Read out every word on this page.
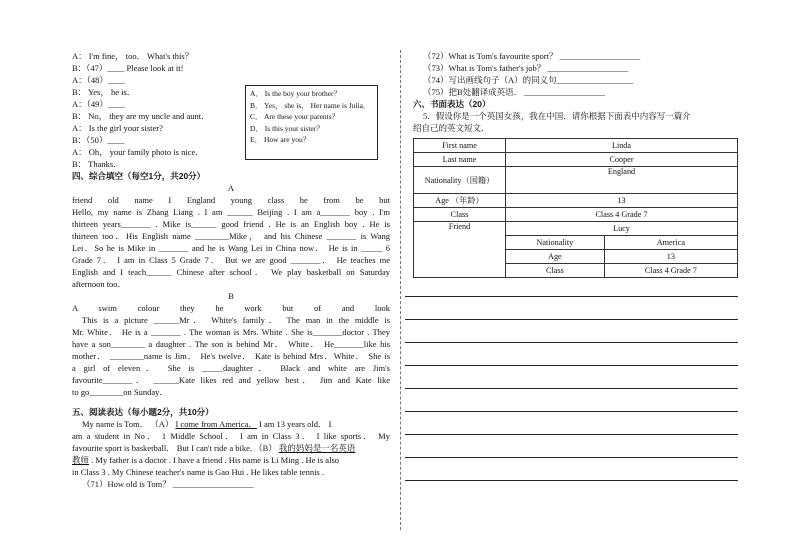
A： I'm fine， too． What's this？
B：（47）____ Please look at it!
A：（48）____
B： Yes， he is．
A：（49）____
B： No， they are my uncle and aunt．
A： Is the girl your sister?
B：（50）____
A： Oh， your family photo is nice．
B： Thanks．
四、综合填空（每空1分，共20分）
A
friend old name I England young class he from be but
Hello, my name is Zhang Liang . I am ______ Beijing . I am a_______ boy . I'm
thirteen years_______ . Mike is______ good friend . He is an English boy . He is
thirteen too．His English name ________Mike， and his Chinese _______ is Wang
Lei．So he is Mike in _______ and he is Wang Lei in China now． He is in _____ 6
Grade 7． I am in Class 5 Grade 7． But we are good _______． He teaches me
English and I teach______ Chinese after school． We play basketball on Saturday
afternoon too．
B
A swim colour they he work but of and look
This is a picture ______Mr． White's family． The man in the middle is
Mr. White． He is a _______ . The woman is Mrs. White . She is_______doctor . They
have a son________ a daughter . The son is behind Mr． White． He_______like his
mother． ________name is Jim． He's twelve． Kate is behind Mrs．White． She is
a girl of eleven． She is _____daughter． Black and white are Jim's
favourite_______． ______Kate likes red and yellow best． Jim and Kate like
to go________on Sunday．
五、阅读表达（每小题2分，共10分）
My name is Tom． （A） I come from America． I am 13 years old． I
am a student in No． 1 Middle School． I am in Class 3． I like sports． My
favourite sport is basketball． But I can't ride a bike．（B） 我的妈妈是一名英语
教师 . My father is a doctor . I have a friend . His name is Li Ming . He is also
in Class 3 . My Chinese teacher's name is Gao Hui . He likes table tennis .
（71）How old is Tom？ ___________________
A． Is the boy your brother？
B． Yes， she is． Her name is Julia．
C． Are these your parents？
D． Is this your sister？
E． How are you？
（72）What is Tom's favourite sport？ ___________________
（73）What is Tom's father's job？ ___________________
（74）写出画线句子（A）的同义句__________________
（75）把B处翻译成英语． ___________________
六、书面表达（20）
5．假设你是一个英国女孩，我在中国．请你根据下面表中内容写一篇介
绍自己的英文短文．
First name	Linda
Last name	Cooper
Nationality（国籍）	England
Age （年龄）	13
Class	Class 4 Grade 7
Friend		Lucy
Nationality	America
Age	13
Class	Class 4 Grade 7
